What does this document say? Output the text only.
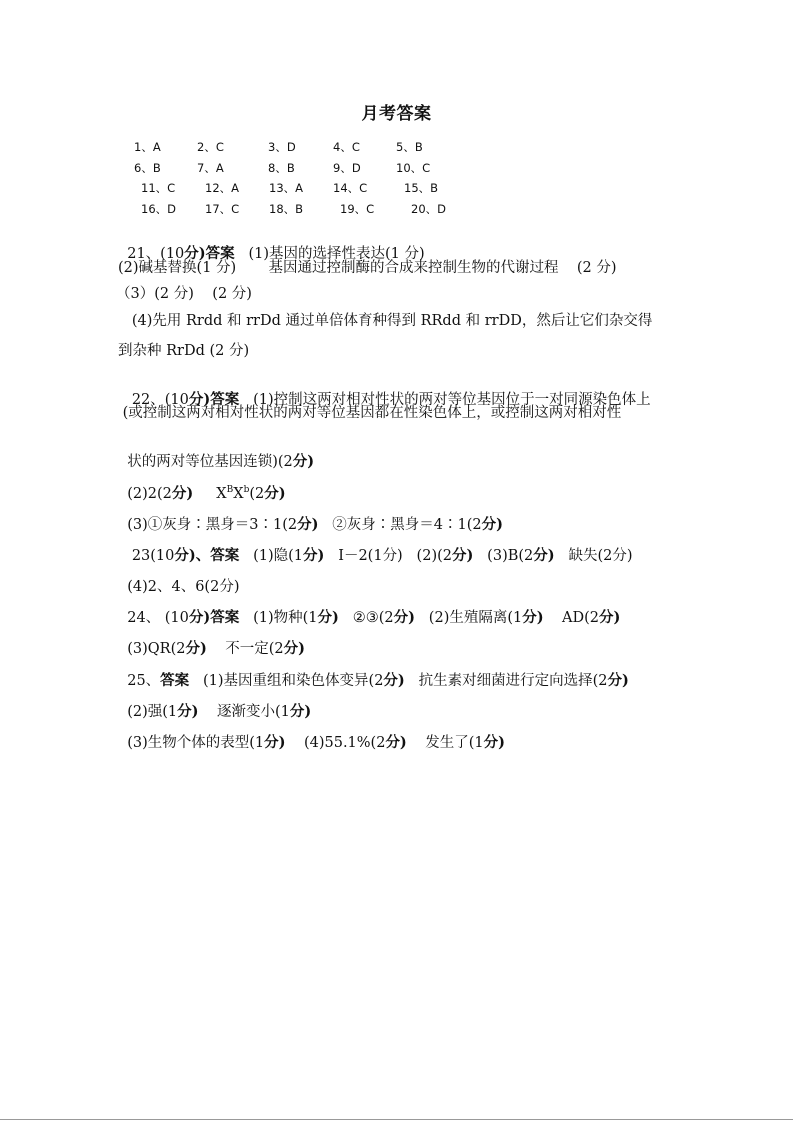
月考答案
1、A	2、C	3、D	4、C	5、B
6、B	7、A	8、B	9、D	10、C
11、C	12、A	13、A	14、C	15、B
16、D	17、C	18、B	19、C	20、D

21、(10分)答案   (1)基因的选择性表达(1 分)

(2)碱基替换(1 分)       基因通过控制酶的合成来控制生物的代谢过程    (2 分)
（3）(2 分)    (2 分)
(4)先用 Rrdd 和 rrDd 通过单倍体育种得到 RRdd 和 rrDD，然后让它们杂交得
到杂种 RrDd (2 分)

22、(10分)答案   (1)控制这两对相对性状的两对等位基因位于一对同源染色体上

(或控制这两对相对性状的两对等位基因都在性染色体上，或控制这两对相对性

状的两对等位基因连锁)(2分)

(2)2(2分)     $X^BX^b(2$分)

(3)①灰身∶黑身＝3∶1(2分)   ②灰身∶黑身＝4∶1(2分)

23(10分)、答案   (1)隐(1分)   Ⅰ－2(1分)   (2)(2分)   (3)B(2分)   缺失(2分)

(4)2、4、6(2分)

24、 (10分)答案   (1)物种(1分)   ②③(2分)   (2)生殖隔离(1分)    AD(2分)

(3)QR(2分)    不一定(2分)

25、答案   (1)基因重组和染色体变异(2分)   抗生素对细菌进行定向选择(2分)

(2)强(1分)    逐渐变小(1分)

(3)生物个体的表型(1分)    (4)55.1%(2分)    发生了(1分)
